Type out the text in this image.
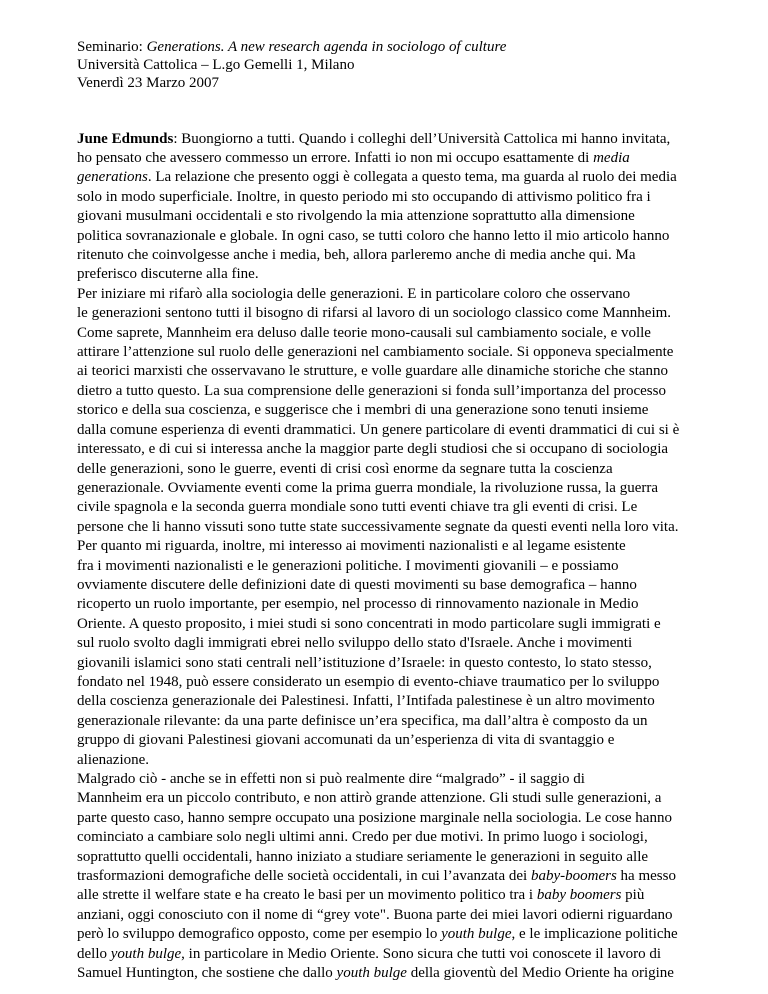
Seminario: Generations. A new research agenda in sociologo of culture
Università Cattolica – L.go Gemelli 1, Milano
Venerdì 23 Marzo 2007
June Edmunds: Buongiorno a tutti. Quando i colleghi dell’Università Cattolica mi hanno invitata,
ho pensato che avessero commesso un errore. Infatti io non mi occupo esattamente di media
generations. La relazione che presento oggi è collegata a questo tema, ma guarda al ruolo dei media
solo in modo superficiale. Inoltre, in questo periodo mi sto occupando di attivismo politico fra i
giovani musulmani occidentali e sto rivolgendo la mia attenzione soprattutto alla dimensione
politica sovranazionale e globale. In ogni caso, se tutti coloro che hanno letto il mio articolo hanno
ritenuto che coinvolgesse anche i media, beh, allora parleremo anche di media anche qui. Ma
preferisco discuterne alla fine.
Per iniziare mi rifarò alla sociologia delle generazioni. E in particolare coloro che osservano
le generazioni sentono tutti il bisogno di rifarsi al lavoro di un sociologo classico come Mannheim.
Come saprete, Mannheim era deluso dalle teorie mono-causali sul cambiamento sociale, e volle
attirare l’attenzione sul ruolo delle generazioni nel cambiamento sociale. Si opponeva specialmente
ai teorici marxisti che osservavano le strutture, e volle guardare alle dinamiche storiche che stanno
dietro a tutto questo. La sua comprensione delle generazioni si fonda sull’importanza del processo
storico e della sua coscienza, e suggerisce che i membri di una generazione sono tenuti insieme
dalla comune esperienza di eventi drammatici. Un genere particolare di eventi drammatici di cui si è
interessato, e di cui si interessa anche la maggior parte degli studiosi che si occupano di sociologia
delle generazioni, sono le guerre, eventi di crisi così enorme da segnare tutta la coscienza
generazionale. Ovviamente eventi come la prima guerra mondiale, la rivoluzione russa, la guerra
civile spagnola e la seconda guerra mondiale sono tutti eventi chiave tra gli eventi di crisi. Le
persone che li hanno vissuti sono tutte state successivamente segnate da questi eventi nella loro vita.
Per quanto mi riguarda, inoltre, mi interesso ai movimenti nazionalisti e al legame esistente
fra i movimenti nazionalisti e le generazioni politiche. I movimenti giovanili – e possiamo
ovviamente discutere delle definizioni date di questi movimenti su base demografica – hanno
ricoperto un ruolo importante, per esempio, nel processo di rinnovamento nazionale in Medio
Oriente. A questo proposito, i miei studi si sono concentrati in modo particolare sugli immigrati e
sul ruolo svolto dagli immigrati ebrei nello sviluppo dello stato d'Israele. Anche i movimenti
giovanili islamici sono stati centrali nell’istituzione d’Israele: in questo contesto, lo stato stesso,
fondato nel 1948, può essere considerato un esempio di evento-chiave traumatico per lo sviluppo
della coscienza generazionale dei Palestinesi. Infatti, l’Intifada palestinese è un altro movimento
generazionale rilevante: da una parte definisce un’era specifica, ma dall’altra è composto da un
gruppo di giovani Palestinesi giovani accomunati da un’esperienza di vita di svantaggio e
alienazione.
Malgrado ciò - anche se in effetti non si può realmente dire “malgrado” - il saggio di
Mannheim era un piccolo contributo, e non attirò grande attenzione. Gli studi sulle generazioni, a
parte questo caso, hanno sempre occupato una posizione marginale nella sociologia. Le cose hanno
cominciato a cambiare solo negli ultimi anni. Credo per due motivi. In primo luogo i sociologi,
soprattutto quelli occidentali, hanno iniziato a studiare seriamente le generazioni in seguito alle
trasformazioni demografiche delle società occidentali, in cui l’avanzata dei baby-boomers ha messo
alle strette il welfare state e ha creato le basi per un movimento politico tra i baby boomers più
anziani, oggi conosciuto con il nome di “grey vote". Buona parte dei miei lavori odierni riguardano
però lo sviluppo demografico opposto, come per esempio lo youth bulge, e le implicazione politiche
dello youth bulge, in particolare in Medio Oriente. Sono sicura che tutti voi conoscete il lavoro di
Samuel Huntington, che sostiene che dallo youth bulge della gioventù del Medio Oriente ha origine
